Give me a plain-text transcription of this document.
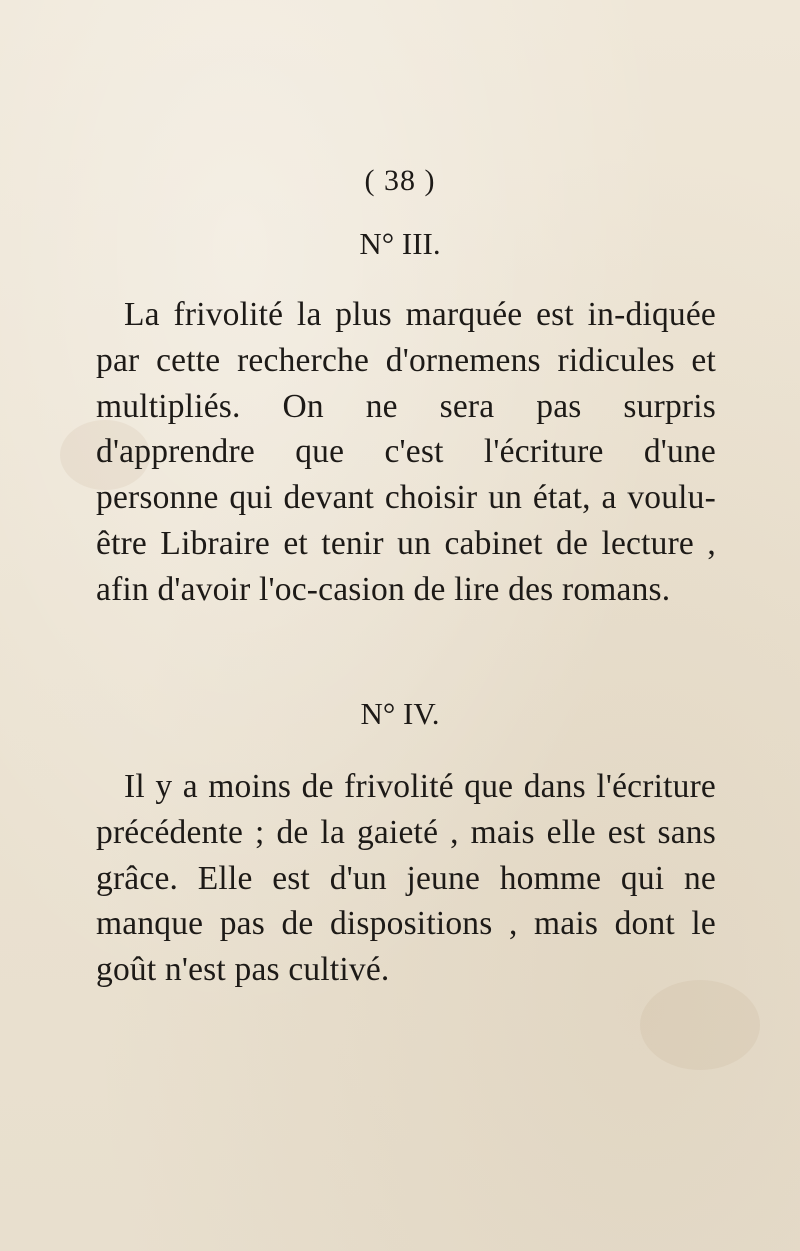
( 38 )
N° III.

La frivolité la plus marquée est in-diquée par cette recherche d'ornemens ridicules et multipliés. On ne sera pas surpris d'apprendre que c'est l'écriture d'une personne qui devant choisir un état, a voulu-être Libraire et tenir un cabinet de lecture , afin d'avoir l'oc-casion de lire des romans.

N° IV.

Il y a moins de frivolité que dans l'écriture précédente ; de la gaieté , mais elle est sans grâce. Elle est d'un jeune homme qui ne manque pas de dispositions , mais dont le goût n'est pas cultivé.
